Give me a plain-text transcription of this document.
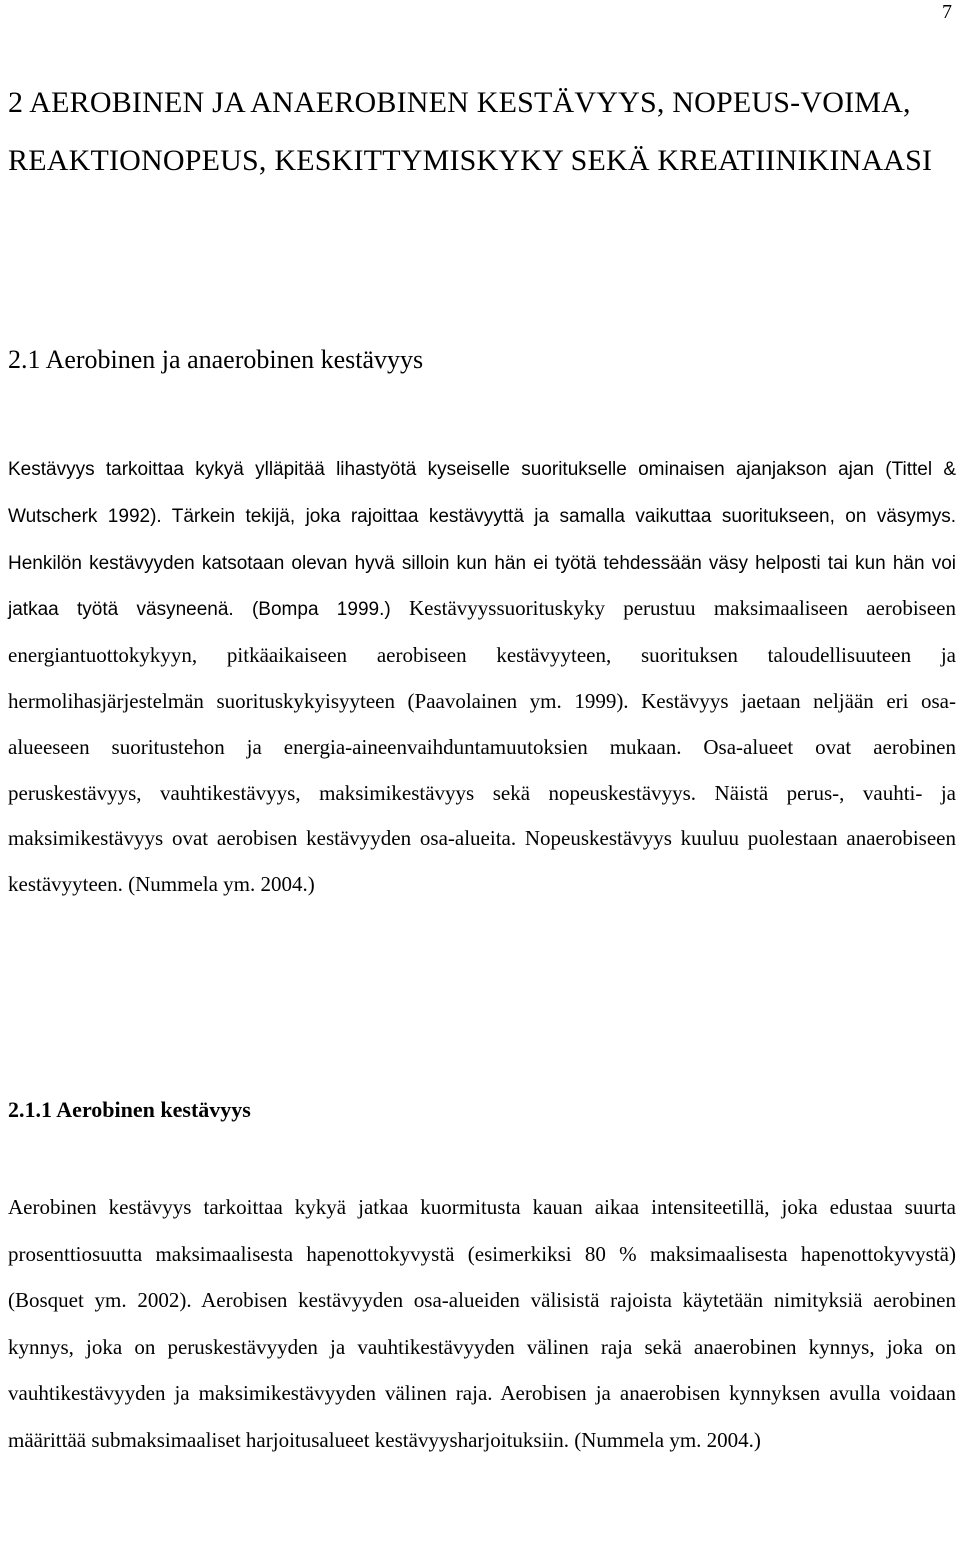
7
2 AEROBINEN JA ANAEROBINEN KESTÄVYYS, NOPEUS-VOIMA, REAKTIONOPEUS, KESKITTYMISKYKY SEKÄ KREATIINIKINAASI
2.1 Aerobinen ja anaerobinen kestävyys

Kestävyys tarkoittaa kykyä ylläpitää lihastyötä kyseiselle suoritukselle ominaisen ajanjakson ajan (Tittel & Wutscherk 1992). Tärkein tekijä, joka rajoittaa kestävyyttä ja samalla vaikuttaa suoritukseen, on väsymys. Henkilön kestävyyden katsotaan olevan hyvä silloin kun hän ei työtä tehdessään väsy helposti tai kun hän voi jatkaa työtä väsyneenä. (Bompa 1999.) Kestävyyssuorituskyky perustuu maksimaaliseen aerobiseen energiantuottokykyyn, pitkäaikaiseen aerobiseen kestävyyteen, suorituksen taloudellisuuteen ja hermolihasjärjestelmän suorituskykyisyyteen (Paavolainen ym. 1999). Kestävyys jaetaan neljään eri osa-alueeseen suoritustehon ja energia-aineenvaihduntamuutoksien mukaan. Osa-alueet ovat aerobinen peruskestävyys, vauhtikestävyys, maksimikestävyys sekä nopeuskestävyys. Näistä perus-, vauhti- ja maksimikestävyys ovat aerobisen kestävyyden osa-alueita. Nopeuskestävyys kuuluu puolestaan anaerobiseen kestävyyteen. (Nummela ym. 2004.)

2.1.1 Aerobinen kestävyys

Aerobinen kestävyys tarkoittaa kykyä jatkaa kuormitusta kauan aikaa intensiteetillä, joka edustaa suurta prosenttiosuutta maksimaalisesta hapenottokyvystä (esimerkiksi 80 % maksimaalisesta hapenottokyvystä) (Bosquet ym. 2002). Aerobisen kestävyyden osa-alueiden välisistä rajoista käytetään nimityksiä aerobinen kynnys, joka on peruskestävyyden ja vauhtikestävyyden välinen raja sekä anaerobinen kynnys, joka on vauhtikestävyyden ja maksimikestävyyden välinen raja. Aerobisen ja anaerobisen kynnyksen avulla voidaan määrittää submaksimaaliset harjoitusalueet kestävyysharjoituksiin. (Nummela ym. 2004.)
